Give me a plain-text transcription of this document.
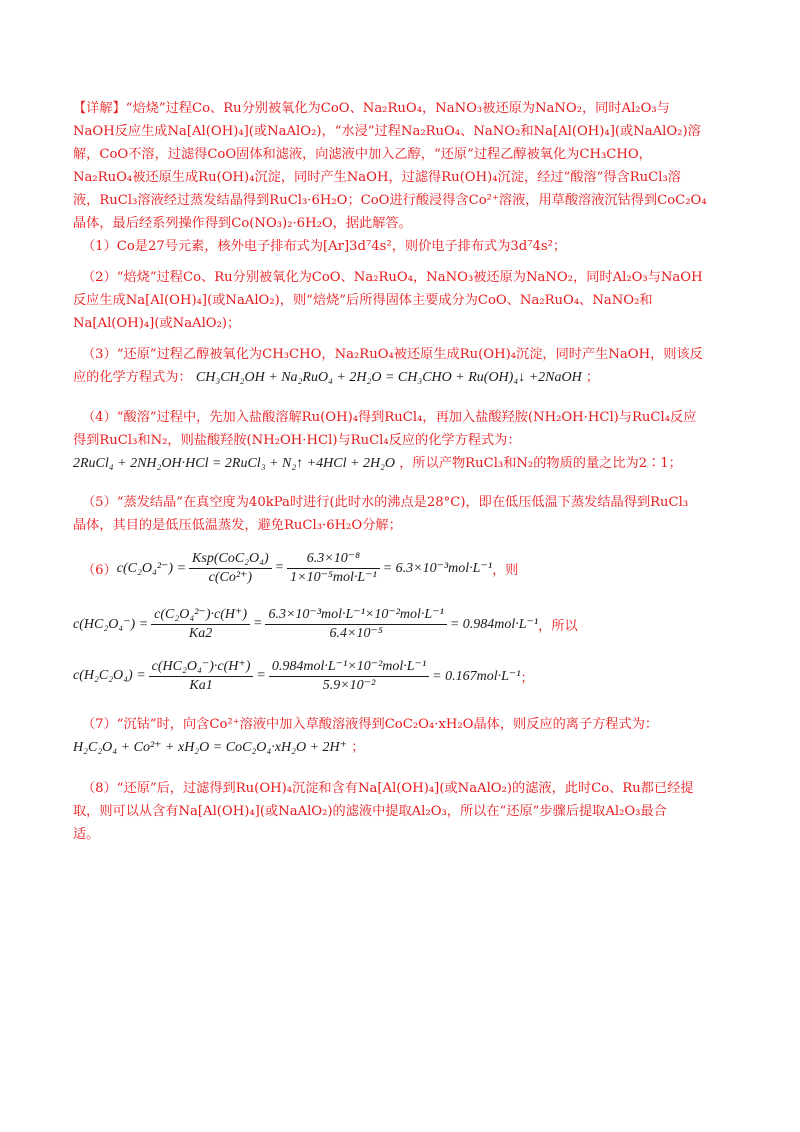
【详解】“焙烧”过程Co、Ru分别被氧化为CoO、Na₂RuO₄，NaNO₃被还原为NaNO₂，同时Al₂O₃与
NaOH反应生成Na[Al(OH)₄](或NaAlO₂)，“水浸”过程Na₂RuO₄、NaNO₂和Na[Al(OH)₄](或NaAlO₂)溶
解，CoO不溶，过滤得CoO固体和滤液，向滤液中加入乙醇，“还原”过程乙醇被氧化为CH₃CHO，
Na₂RuO₄被还原生成Ru(OH)₄沉淀，同时产生NaOH，过滤得Ru(OH)₄沉淀，经过“酸溶”得含RuCl₃溶
液，RuCl₃溶液经过蒸发结晶得到RuCl₃·6H₂O；CoO进行酸浸得含Co²⁺溶液，用草酸溶液沉钴得到CoC₂O₄
晶体，最后经系列操作得到Co(NO₃)₂·6H₂O，据此解答。
（1）Co是27号元素，核外电子排布式为[Ar]3d⁷4s²，则价电子排布式为3d⁷4s²；
（2）“焙烧”过程Co、Ru分别被氧化为CoO、Na₂RuO₄，NaNO₃被还原为NaNO₂，同时Al₂O₃与NaOH
反应生成Na[Al(OH)₄](或NaAlO₂)，则“焙烧”后所得固体主要成分为CoO、Na₂RuO₄、NaNO₂和
Na[Al(OH)₄](或NaAlO₂)；
（3）“还原”过程乙醇被氧化为CH₃CHO，Na₂RuO₄被还原生成Ru(OH)₄沉淀，同时产生NaOH，则该反
应的化学方程式为： CH₃CH₂OH + Na₂RuO₄ + 2H₂O = CH₃CHO + Ru(OH)₄↓ +2NaOH ；
（4）“酸溶”过程中，先加入盐酸溶解Ru(OH)₄得到RuCl₄，再加入盐酸羟胺(NH₂OH·HCl)与RuCl₄反应
得到RuCl₃和N₂，则盐酸羟胺(NH₂OH·HCl)与RuCl₄反应的化学方程式为：
2RuCl₄ + 2NH₂OH·HCl = 2RuCl₃ + N₂↑ +4HCl + 2H₂O ，所以产物RuCl₃和N₂的物质的量之比为2∶1；
（5）“蒸发结晶”在真空度为40kPa时进行(此时水的沸点是28°C)，即在低压低温下蒸发结晶得到RuCl₃
晶体，其目的是低压低温蒸发，避免RuCl₃·6H₂O分解；
（6） $c(C_2O_4^{2-}) = \frac{\text{Ksp(CoC₂O₄)}}{\text{c(Co²⁺)}} = \frac{\text{6.3×10⁻⁸}}{\text{1×10⁻⁵mol·L⁻¹}} = 6.3\times 10^{-3}mol\cdot L^{-1}$ ，则
$c(HC_2O_4^-) = \frac{\text{c(C₂O₄²⁻)·c(H⁺)}}{Ka2} = \frac{\text{6.3×10⁻³mol·L⁻¹×10⁻²mol·L⁻¹}}{\text{6.4×10⁻⁵}} = 0.984mol\cdot L^{-1}$ ，所以
$c(H_2C_2O_4) = \frac{\text{c(HC₂O₄⁻)·c(H⁺)}}{Ka1} = \frac{\text{0.984mol·L⁻¹×10⁻²mol·L⁻¹}}{\text{5.9×10⁻²}} = 0.167mol\cdot L^{-1}$ ；
（7）“沉钴”时，向含Co²⁺溶液中加入草酸溶液得到CoC₂O₄·xH₂O晶体，则反应的离子方程式为：
H₂C₂O₄ + Co²⁺ + xH₂O = CoC₂O₄·xH₂O + 2H⁺ ；
（8）“还原”后，过滤得到Ru(OH)₄沉淀和含有Na[Al(OH)₄](或NaAlO₂)的滤液，此时Co、Ru都已经提
取，则可以从含有Na[Al(OH)₄](或NaAlO₂)的滤液中提取Al₂O₃，所以在“还原”步骤后提取Al₂O₃最合
适。
